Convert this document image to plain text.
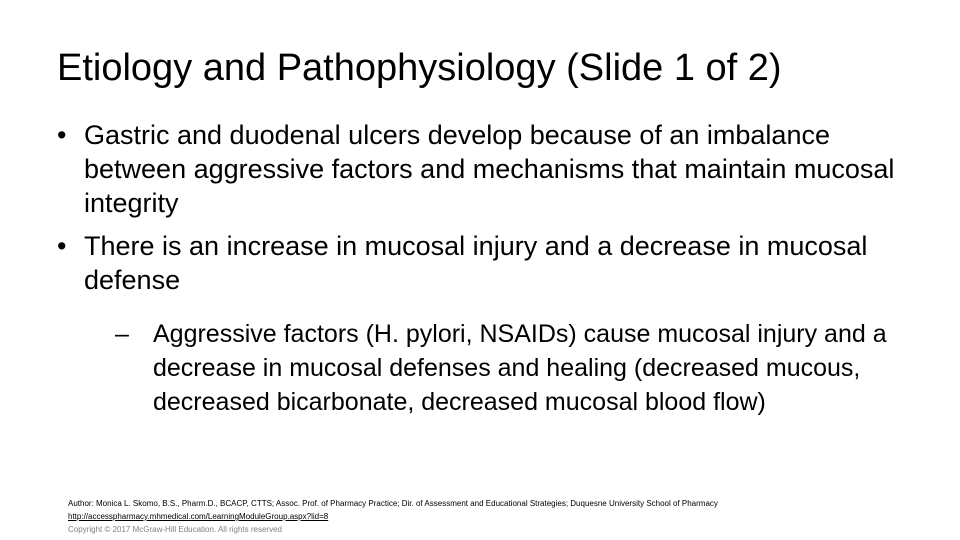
Etiology and Pathophysiology (Slide 1 of 2)
• Gastric and duodenal ulcers develop because of an imbalance between aggressive factors and mechanisms that maintain mucosal integrity
• There is an increase in mucosal injury and a decrease in mucosal defense
– Aggressive factors (H. pylori, NSAIDs) cause mucosal injury and a decrease in mucosal defenses and healing (decreased mucous, decreased bicarbonate, decreased mucosal blood flow)
Author: Monica L. Skomo, B.S., Pharm.D., BCACP, CTTS; Assoc. Prof. of Pharmacy Practice; Dir. of Assessment and Educational Strategies; Duquesne University School of Pharmacy
http://accesspharmacy.mhmedical.com/LearningModuleGroup.aspx?lid=8
Copyright © 2017 McGraw-Hill Education. All rights reserved
